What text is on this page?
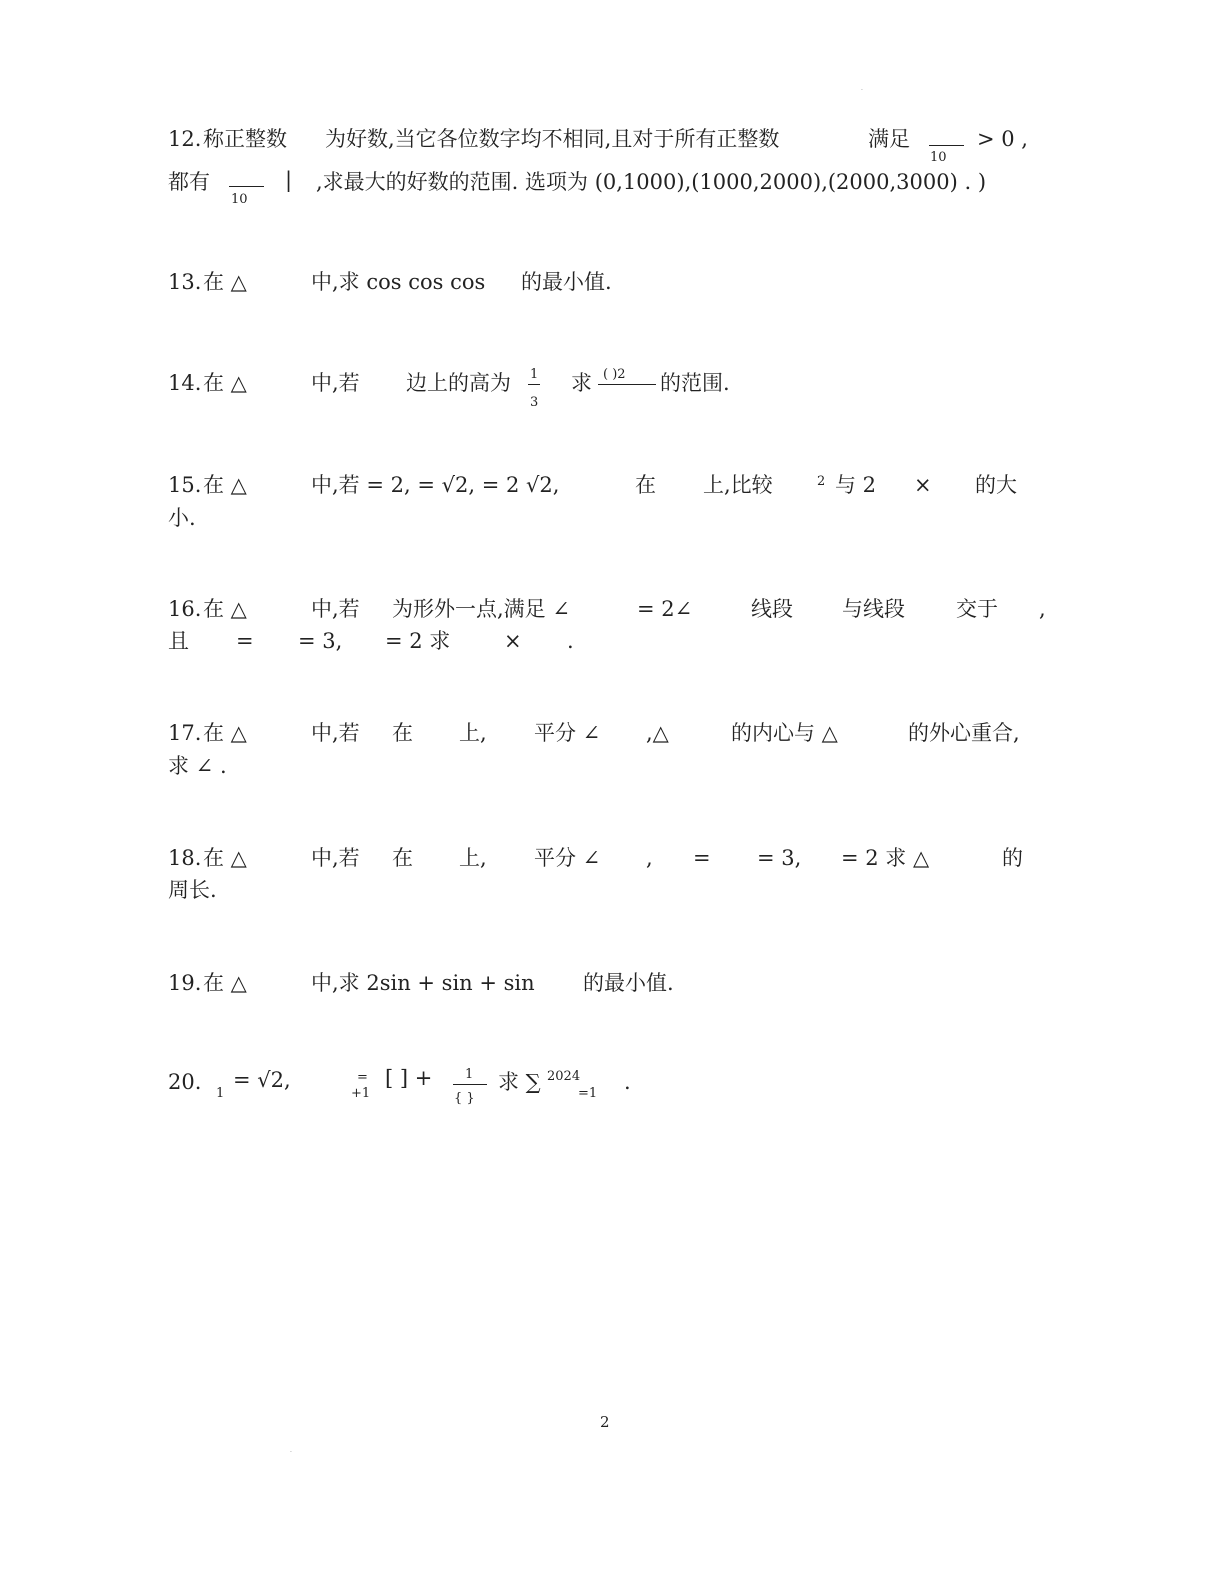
.
.
12. 称正整数 为好数,当它各位数字均不相同,且对于所有正整数	满足
10
> 0 ,
都有
10
| ,求最大的好数的范围. 选项为 (0,1000),(1000,2000),(2000,3000) . )
13. 在 △	中,求 cos cos cos 的最小值.
14. 在 △	中,若 边上的高为 1
3
求 ( )2 的范围.
15. 在 △	中,若 = 2, = √2, = 2 √2,	在 上,比较	2 与 2 × 的大
小.
16. 在 △	中,若 为形外一点,满足 ∠	= 2∠	线段 与线段 交于 ,
且 = = 3, = 2 求	× .
17. 在 △	中,若 在 上, 平分 ∠ ,△	的内心与 △	的外心重合,
求 ∠ .
18. 在 △	中,若 在 上, 平分 ∠ , = = 3, = 2 求 △	的
周长.
19. 在 △	中,求 2sin + sin + sin 的最小值.
20. 1
= √2,	=
+1
[ ] +	1
{ }
求 ∑ 2024
=1 .
2
